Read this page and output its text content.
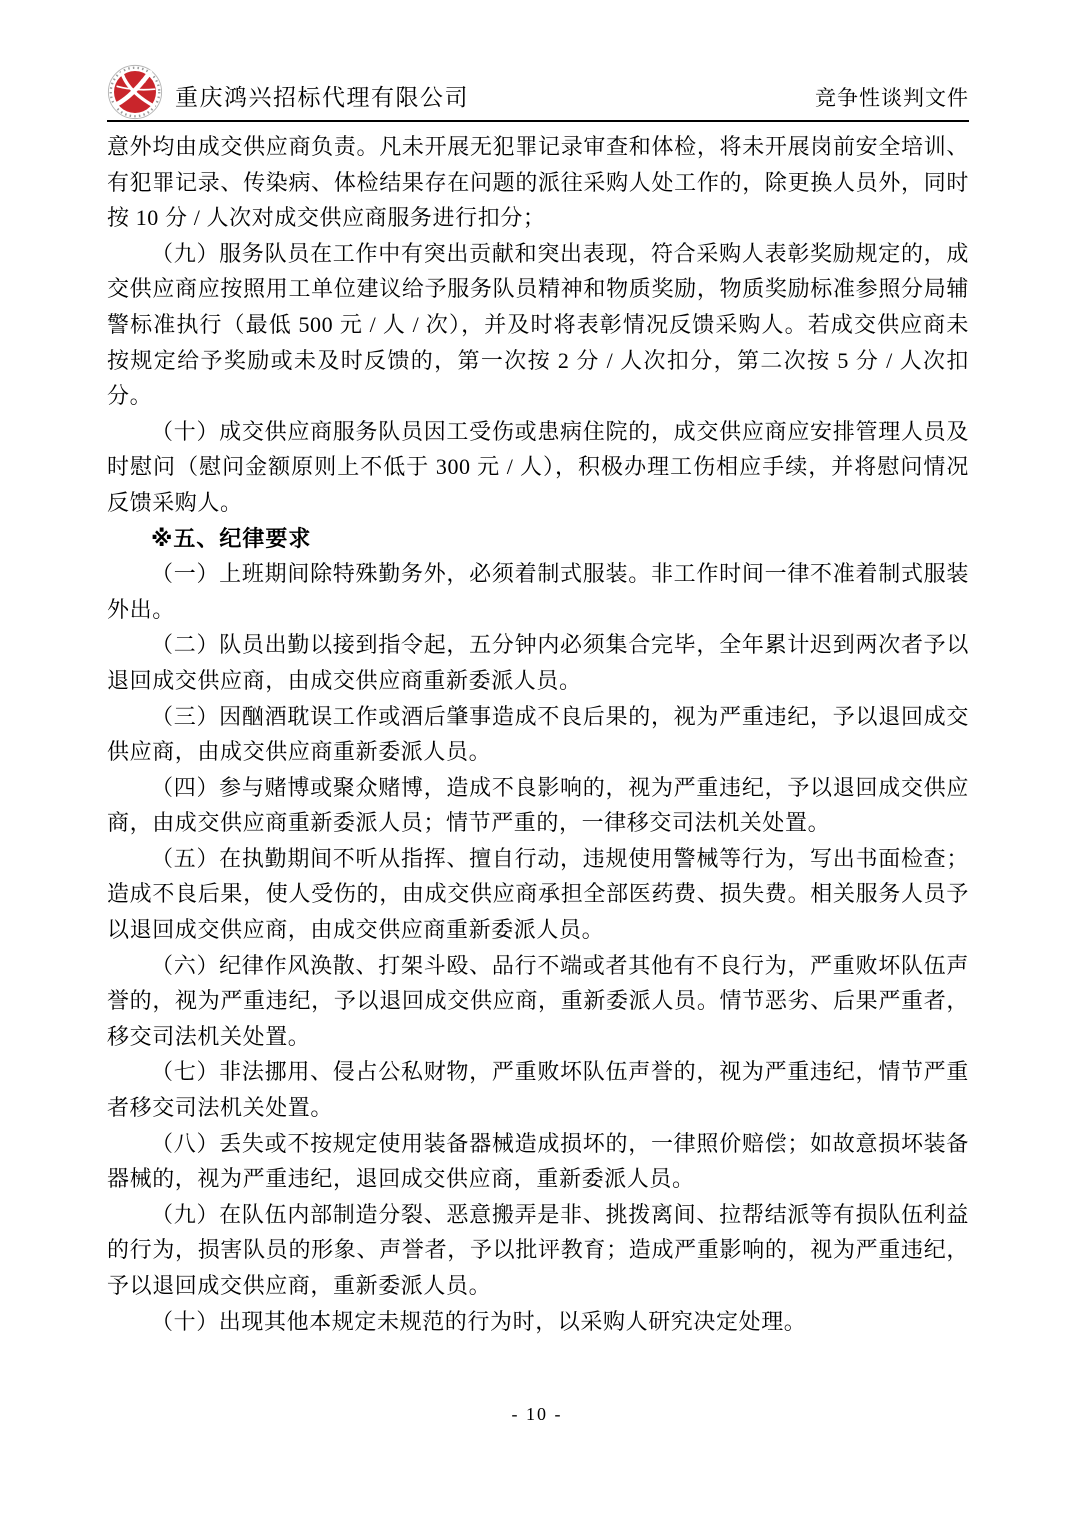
★
重庆鸿兴招标代理有限公司	竞争性谈判文件

意外均由成交供应商负责。凡未开展无犯罪记录审查和体检，将未开展岗前安全培训、有犯罪记录、传染病、体检结果存在问题的派往采购人处工作的，除更换人员外，同时按 10 分 / 人次对成交供应商服务进行扣分；

（九）服务队员在工作中有突出贡献和突出表现，符合采购人表彰奖励规定的，成交供应商应按照用工单位建议给予服务队员精神和物质奖励，物质奖励标准参照分局辅警标准执行（最低 500 元 / 人 / 次），并及时将表彰情况反馈采购人。若成交供应商未按规定给予奖励或未及时反馈的，第一次按 2 分 / 人次扣分，第二次按 5 分 / 人次扣分。

（十）成交供应商服务队员因工受伤或患病住院的，成交供应商应安排管理人员及时慰问（慰问金额原则上不低于 300 元 / 人），积极办理工伤相应手续，并将慰问情况反馈采购人。

※五、纪律要求

（一）上班期间除特殊勤务外，必须着制式服装。非工作时间一律不准着制式服装外出。

（二）队员出勤以接到指令起，五分钟内必须集合完毕，全年累计迟到两次者予以退回成交供应商，由成交供应商重新委派人员。

（三）因酗酒耽误工作或酒后肇事造成不良后果的，视为严重违纪，予以退回成交供应商，由成交供应商重新委派人员。

（四）参与赌博或聚众赌博，造成不良影响的，视为严重违纪，予以退回成交供应商，由成交供应商重新委派人员；情节严重的，一律移交司法机关处置。

（五）在执勤期间不听从指挥、擅自行动，违规使用警械等行为，写出书面检查；造成不良后果，使人受伤的，由成交供应商承担全部医药费、损失费。相关服务人员予以退回成交供应商，由成交供应商重新委派人员。

（六）纪律作风涣散、打架斗殴、品行不端或者其他有不良行为，严重败坏队伍声誉的，视为严重违纪，予以退回成交供应商，重新委派人员。情节恶劣、后果严重者，移交司法机关处置。

（七）非法挪用、侵占公私财物，严重败坏队伍声誉的，视为严重违纪，情节严重者移交司法机关处置。

（八）丢失或不按规定使用装备器械造成损坏的，一律照价赔偿；如故意损坏装备器械的，视为严重违纪，退回成交供应商，重新委派人员。

（九）在队伍内部制造分裂、恶意搬弄是非、挑拨离间、拉帮结派等有损队伍利益的行为，损害队员的形象、声誉者，予以批评教育；造成严重影响的，视为严重违纪，予以退回成交供应商，重新委派人员。

（十）出现其他本规定未规范的行为时，以采购人研究决定处理。

- 10 -
